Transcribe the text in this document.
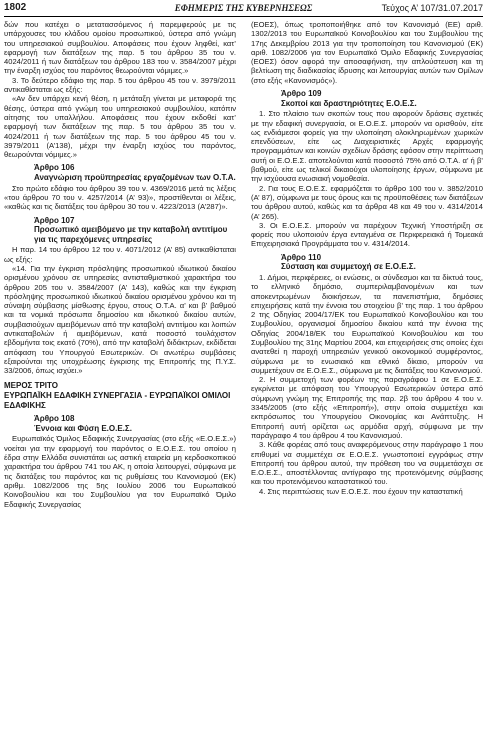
1802	ΕΦΗΜΕΡΙΣ ΤΗΣ ΚΥΒΕΡΝΗΣΕΩΣ	Τεύχος Α’ 107/31.07.2017

δών που κατέχει ο μετατασσόμενος ή παρεμφερούς με τις υπάρχουσες του κλάδου ομοίου προσωπικού, ύστερα από γνώμη του υπηρεσιακού συμβουλίου. Αποφάσεις που έχουν ληφθεί, κατ’ εφαρμογή των διατάξεων της παρ. 5 του άρθρου 35 του ν. 4024/2011 ή των διατάξεων του άρθρου 183 του ν. 3584/2007 μέχρι την έναρξη ισχύος του παρόντος θεωρούνται νόμιμες.»

3. Το δεύτερο εδάφιο της παρ. 5 του άρθρου 45 του ν. 3979/2011 αντικαθίσταται ως εξής:

«Αν δεν υπάρχει κενή θέση, η μετάταξη γίνεται με μεταφορά της θέσης, ύστερα από γνώμη του υπηρεσιακού συμβουλίου, κατόπιν αίτησης του υπαλλήλου. Αποφάσεις που έχουν εκδοθεί κατ’ εφαρμογή των διατάξεων της παρ. 5 του άρθρου 35 του ν. 4024/2011 ή των διατάξεων της παρ. 5 του άρθρου 45 του ν. 3979/2011 (Α’138), μέχρι την έναρξη ισχύος του παρόντος, θεωρούνται νόμιμες.»

Άρθρο 106

Αναγνώριση προϋπηρεσίας εργαζομένων των Ο.Τ.Α.

Στο πρώτο εδάφιο του άρθρου 39 του ν. 4369/2016 μετά τις λέξεις «του άρθρου 70 του ν. 4257/2014 (Α’ 93)», προστίθενται οι λέξεις, «καθώς και τις διατάξεις του άρθρου 30 του ν. 4223/2013 (Α’287)».

Άρθρο 107

Προσωπικό αμειβόμενο με την καταβολή αντιτίμου για τις παρεχόμενες υπηρεσίες

Η παρ. 14 του άρθρου 12 του ν. 4071/2012 (Α’ 85) αντικαθίσταται ως εξής:

«14. Για την έγκριση πρόσληψης προσωπικού ιδιωτικού δικαίου ορισμένου χρόνου σε υπηρεσίες αντισταθμιστικού χαρακτήρα του άρθρου 205 του ν. 3584/2007 (Α’ 143), καθώς και την έγκριση πρόσληψης προσωπικού ιδιωτικού δικαίου ορισμένου χρόνου και τη σύναψη σύμβασης μίσθωσης έργου, στους Ο.Τ.Α. α’ και β’ βαθμού και τα νομικά πρόσωπα δημοσίου και ιδιωτικού δικαίου αυτών, συμβασιούχων αμειβόμενων από την καταβολή αντιτίμου και λοιπών αντικαταβολών ή αμειβόμενων, κατά ποσοστό τουλάχιστον εβδομήντα τοις εκατό (70%), από την καταβολή διδάκτρων, εκδίδεται απόφαση του Υπουργού Εσωτερικών. Οι ανωτέρω συμβάσεις εξαιρούνται της υποχρέωσης έγκρισης της Επιτροπής της Π.Υ.Σ. 33/2006, όπως ισχύει.»

ΜΕΡΟΣ ΤΡΙΤΟ

ΕΥΡΩΠΑΪΚΗ ΕΔΑΦΙΚΗ ΣΥΝΕΡΓΑΣΙΑ - ΕΥΡΩΠΑΪΚΟΙ ΟΜΙΛΟΙ ΕΔΑΦΙΚΗΣ

Άρθρο 108

Έννοια και Φύση Ε.Ο.Ε.Σ.

Ευρωπαϊκός Όμιλος Εδαφικής Συνεργασίας (στο εξής «Ε.Ο.Ε.Σ.») νοείται για την εφαρμογή του παρόντος ο Ε.Ο.Ε.Σ. του οποίου η έδρα στην Ελλάδα συνιστάται ως αστική εταιρεία μη κερδοσκοπικού χαρακτήρα του άρθρου 741 του ΑΚ, η οποία λειτουργεί, σύμφωνα με τις διατάξεις του παρόντος και τις ρυθμίσεις του Κανονισμού (ΕΚ) αριθμ. 1082/2006 της 5ης Ιουλίου 2006 του Ευρωπαϊκού Κοινοβουλίου και του Συμβουλίου για τον Ευρωπαϊκό Όμιλο Εδαφικής Συνεργασίας

(ΕΟΕΣ), όπως τροποποιήθηκε από τον Κανονισμό (ΕΕ) αριθ. 1302/2013 του Ευρωπαϊκού Κοινοβουλίου και του Συμβουλίου της 17ης Δεκεμβρίου 2013 για την τροποποίηση του Κανονισμού (ΕΚ) αριθ. 1082/2006 για τον Ευρωπαϊκό Όμιλο Εδαφικής Συνεργασίας (ΕΟΕΣ) όσον αφορά την αποσαφήνιση, την απλούστευση και τη βελτίωση της διαδικασίας ίδρυσης και λειτουργίας αυτών των Ομίλων (στο εξής «Κανονισμός»).

Άρθρο 109

Σκοποί και δραστηριότητες Ε.Ο.Ε.Σ.

1. Στο πλαίσιο των σκοπών τους που αφορούν δράσεις σχετικές με την εδαφική συνεργασία, οι Ε.Ο.Ε.Σ. μπορούν να ορισθούν, είτε ως ενδιάμεσοι φορείς για την υλοποίηση ολοκληρωμένων χωρικών επενδύσεων, είτε ως Διαχειριστικές Αρχές εφαρμογής προγραμμάτων και κοινών σχεδίων δράσης εφόσον στην περίπτωση αυτή οι Ε.Ο.Ε.Σ. αποτελούνται κατά ποσοστό 75% από Ο.Τ.Α. α’ ή β’ βαθμού, είτε ως τελικοί δικαιούχοι υλοποίησης έργων, σύμφωνα με την ισχύουσα ενωσιακή νομοθεσία.

2. Για τους Ε.Ο.Ε.Σ. εφαρμόζεται το άρθρο 100 του ν. 3852/2010 (Α’ 87), σύμφωνα με τους όρους και τις προϋποθέσεις των διατάξεων του άρθρου αυτού, καθώς και τα άρθρα 48 και 49 του ν. 4314/2014 (Α’ 265).

3. Οι Ε.Ο.Ε.Σ. μπορούν να παρέχουν Τεχνική Υποστήριξη σε φορείς που υλοποιούν έργα ενταγμένα σε Περιφερειακά ή Τομεακά Επιχειρησιακά Προγράμματα του ν. 4314/2014.

Άρθρο 110

Σύσταση και συμμετοχή σε Ε.Ο.Ε.Σ.

1. Δήμοι, περιφέρειες, οι ενώσεις, οι σύνδεσμοι και τα δίκτυά τους, το ελληνικό δημόσιο, συμπεριλαμβανομένων και των αποκεντρωμένων διοικήσεων, τα πανεπιστήμια, δημόσιες επιχειρήσεις κατά την έννοια του στοιχείου β’ της παρ. 1 του άρθρου 2 της Οδηγίας 2004/17/ΕΚ του Ευρωπαϊκού Κοινοβουλίου και του Συμβουλίου, οργανισμοί δημοσίου δικαίου κατά την έννοια της Οδηγίας 2004/18/ΕΚ του Ευρωπαϊκού Κοινοβουλίου και του Συμβουλίου της 31ης Μαρτίου 2004, και επιχειρήσεις στις οποίες έχει ανατεθεί η παροχή υπηρεσιών γενικού οικονομικού συμφέροντος, σύμφωνα με το ενωσιακό και εθνικό δίκαιο, μπορούν να συμμετέχουν σε Ε.Ο.Ε.Σ., σύμφωνα με τις διατάξεις του Κανονισμού.

2. Η συμμετοχή των φορέων της παραγράφου 1 σε Ε.Ο.Ε.Σ. εγκρίνεται με απόφαση του Υπουργού Εσωτερικών ύστερα από σύμφωνη γνώμη της Επιτροπής της παρ. 2β του άρθρου 4 του ν. 3345/2005 (στο εξής «Επιτροπή»), στην οποία συμμετέχει και εκπρόσωπος του Υπουργείου Οικονομίας και Ανάπτυξης. Η Επιτροπή αυτή ορίζεται ως αρμόδια αρχή, σύμφωνα με την παράγραφο 4 του άρθρου 4 του Κανονισμού.

3. Κάθε φορέας από τους αναφερόμενους στην παράγραφο 1 που επιθυμεί να συμμετέχει σε Ε.Ο.Ε.Σ. γνωστοποιεί εγγράφως στην Επιτροπή του άρθρου αυτού, την πρόθεση του να συμμετάσχει σε Ε.Ο.Ε.Σ., αποστέλλοντας αντίγραφο της προτεινόμενης σύμβασης και του προτεινόμενου καταστατικού του.

4. Στις περιπτώσεις των Ε.Ο.Ε.Σ. που έχουν την καταστατική
